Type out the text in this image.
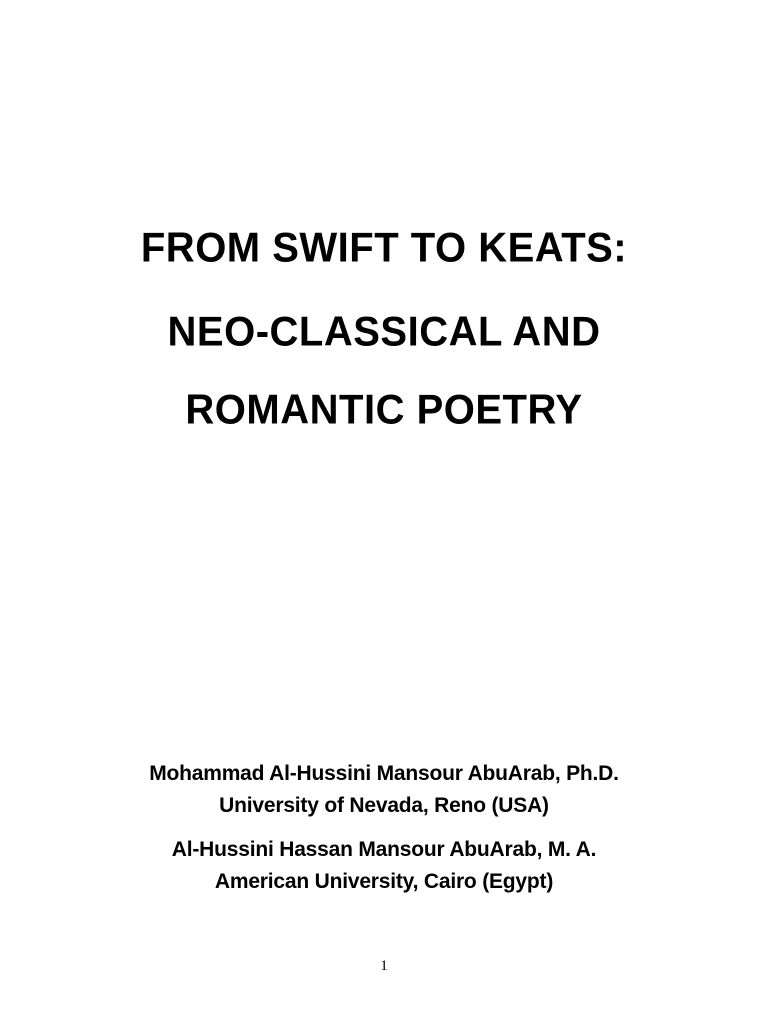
FROM SWIFT TO KEATS:
NEO-CLASSICAL AND
ROMANTIC POETRY
Mohammad Al-Hussini Mansour AbuArab, Ph.D.
University of Nevada, Reno (USA)
Al-Hussini Hassan Mansour AbuArab, M. A.
American University, Cairo (Egypt)
1
